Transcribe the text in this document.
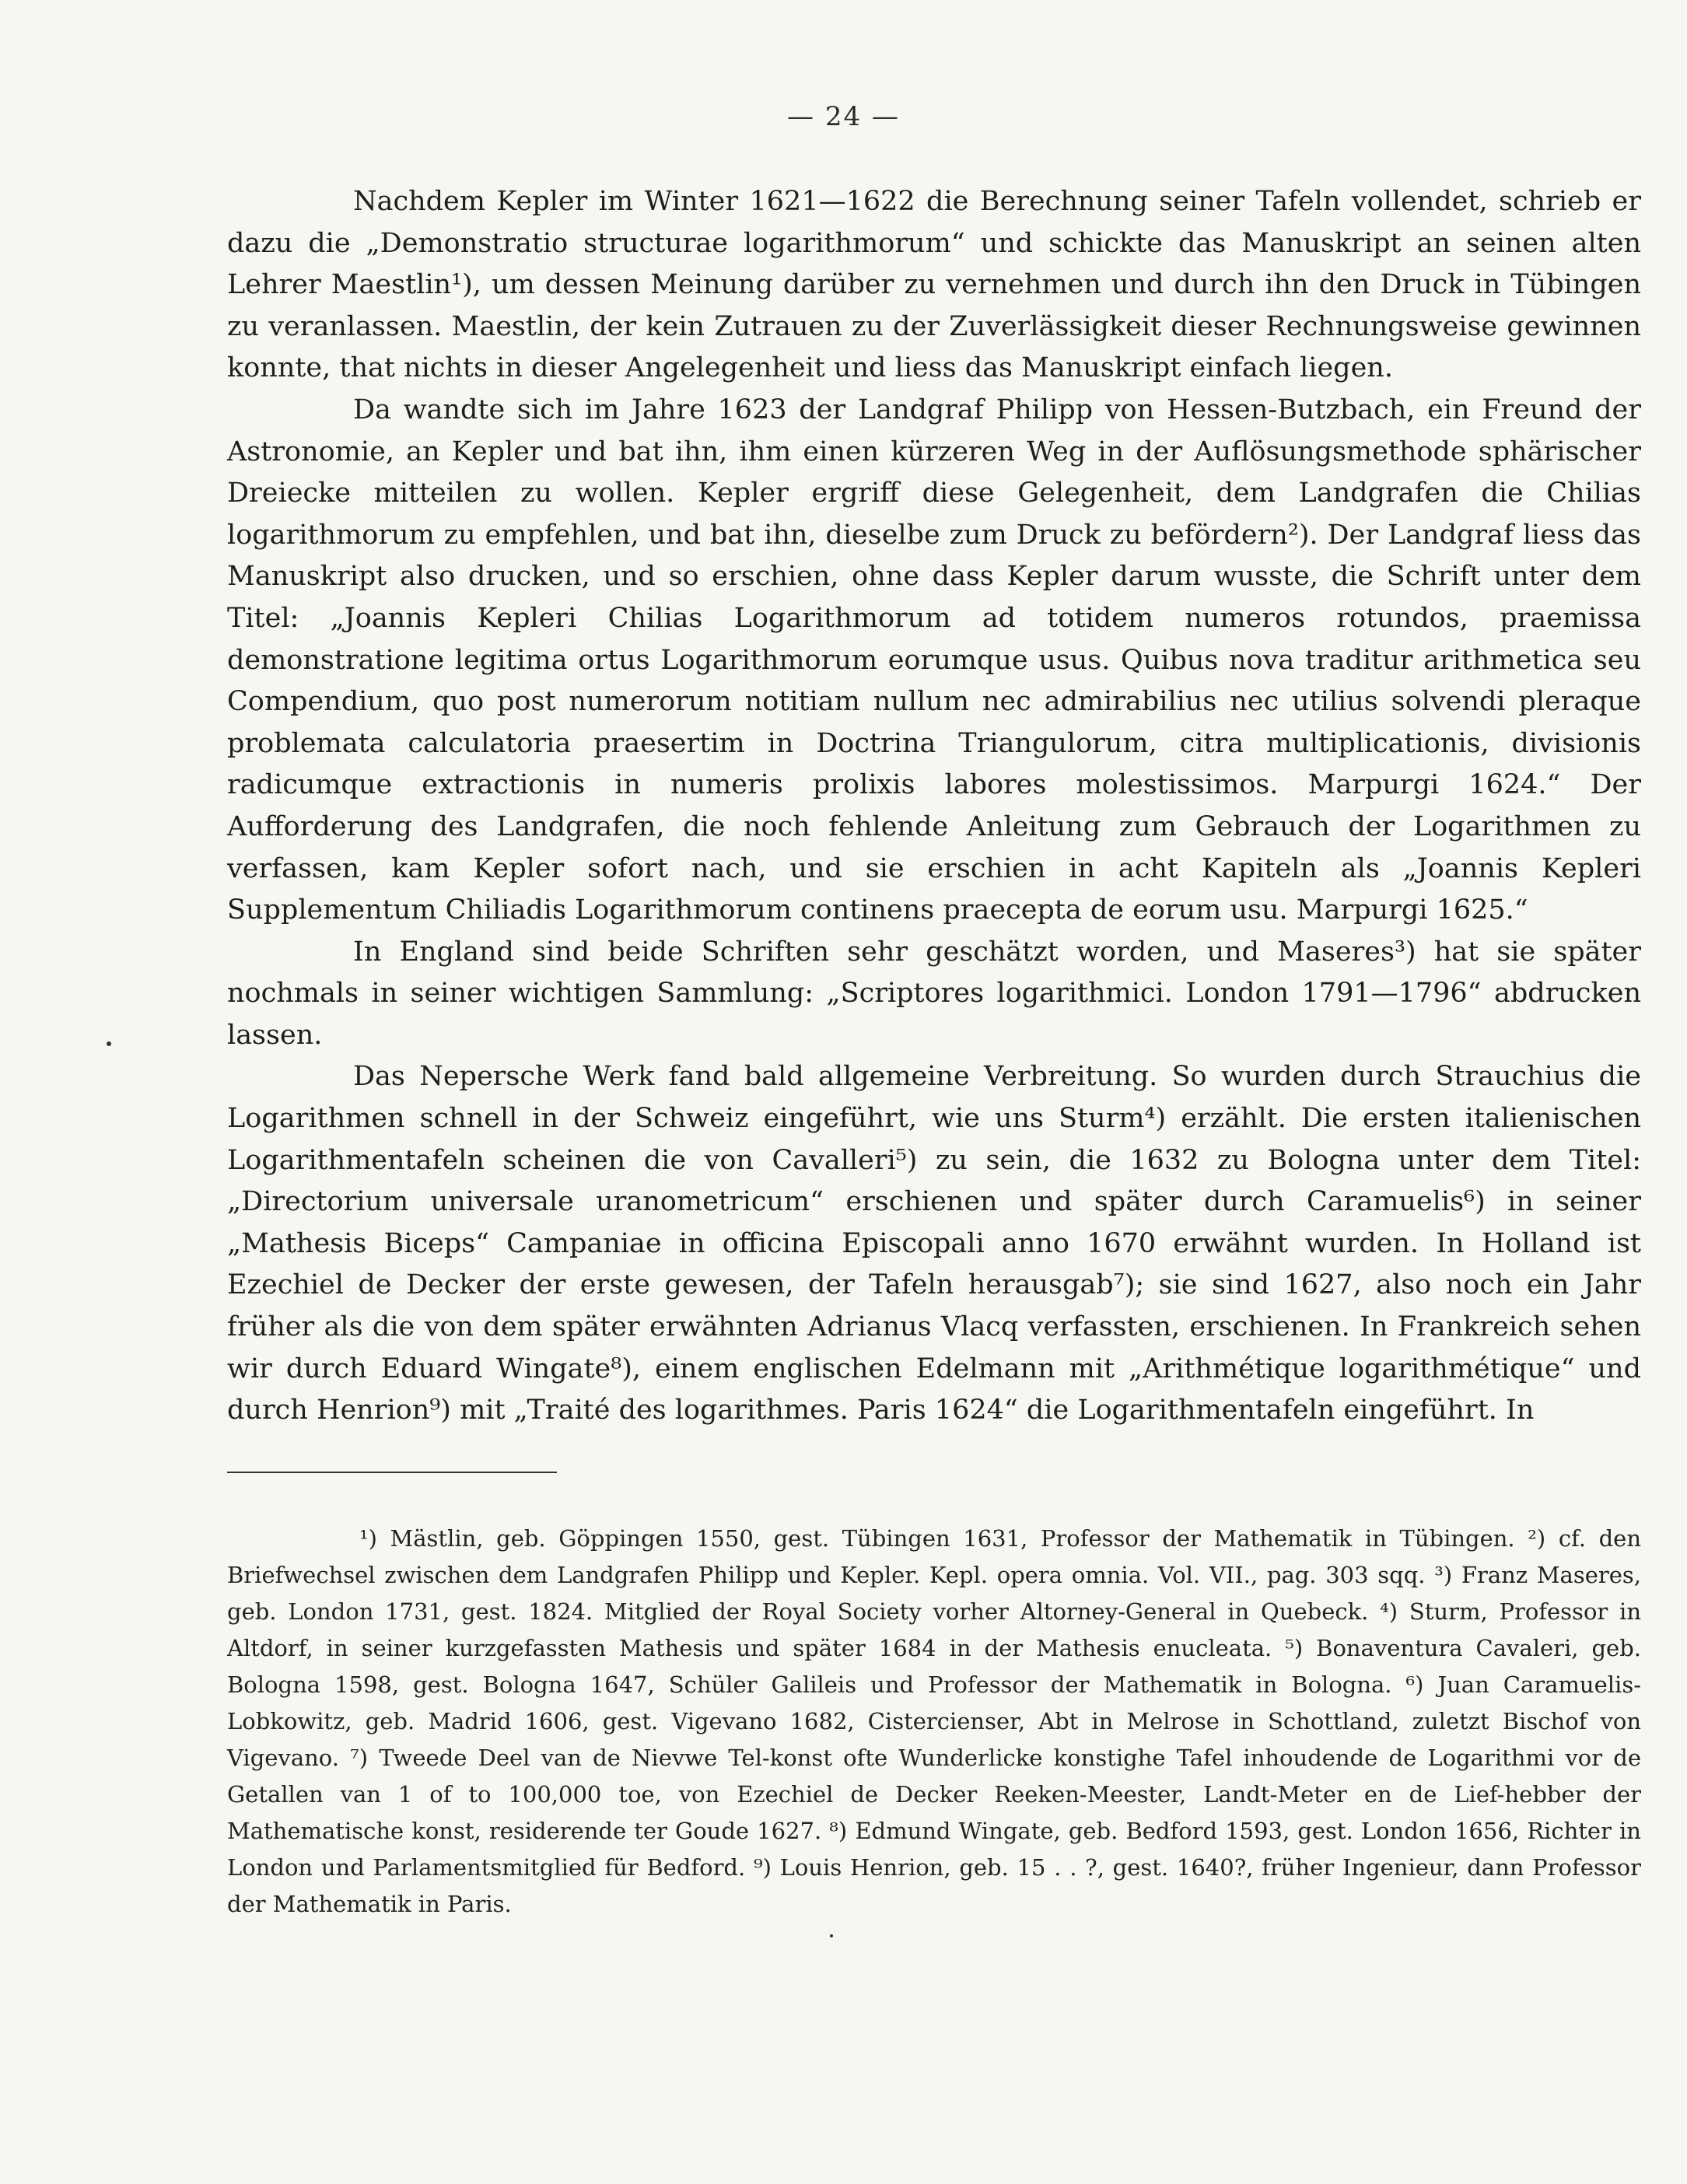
— 24 —

Nachdem Kepler im Winter 1621—1622 die Berechnung seiner Tafeln vollendet, schrieb er dazu die „Demonstratio structurae logarithmorum“ und schickte das Manuskript an seinen alten Lehrer Maestlin¹), um dessen Meinung darüber zu vernehmen und durch ihn den Druck in Tübingen zu veranlassen. Maestlin, der kein Zutrauen zu der Zuverlässigkeit dieser Rechnungsweise gewinnen konnte, that nichts in dieser Angelegenheit und liess das Manuskript einfach liegen.

Da wandte sich im Jahre 1623 der Landgraf Philipp von Hessen-Butzbach, ein Freund der Astronomie, an Kepler und bat ihn, ihm einen kürzeren Weg in der Auflösungsmethode sphärischer Dreiecke mitteilen zu wollen. Kepler ergriff diese Gelegenheit, dem Landgrafen die Chilias logarithmorum zu empfehlen, und bat ihn, dieselbe zum Druck zu befördern²). Der Landgraf liess das Manuskript also drucken, und so erschien, ohne dass Kepler darum wusste, die Schrift unter dem Titel: „Joannis Kepleri Chilias Logarithmorum ad totidem numeros rotundos, praemissa demonstratione legitima ortus Logarithmorum eorumque usus. Quibus nova traditur arithmetica seu Compendium, quo post numerorum notitiam nullum nec admirabilius nec utilius solvendi pleraque problemata calculatoria praesertim in Doctrina Triangulorum, citra multiplicationis, divisionis radicumque extractionis in numeris prolixis labores molestissimos. Marpurgi 1624.“ Der Aufforderung des Landgrafen, die noch fehlende Anleitung zum Gebrauch der Logarithmen zu verfassen, kam Kepler sofort nach, und sie erschien in acht Kapiteln als „Joannis Kepleri Supplementum Chiliadis Logarithmorum continens praecepta de eorum usu. Marpurgi 1625.“

In England sind beide Schriften sehr geschätzt worden, und Maseres³) hat sie später nochmals in seiner wichtigen Sammlung: „Scriptores logarithmici. London 1791—1796“ abdrucken lassen.

Das Nepersche Werk fand bald allgemeine Verbreitung. So wurden durch Strauchius die Logarithmen schnell in der Schweiz eingeführt, wie uns Sturm⁴) erzählt. Die ersten italienischen Logarithmentafeln scheinen die von Cavalleri⁵) zu sein, die 1632 zu Bologna unter dem Titel: „Directorium universale uranometricum“ erschienen und später durch Caramuelis⁶) in seiner „Mathesis Biceps“ Campaniae in officina Episcopali anno 1670 erwähnt wurden. In Holland ist Ezechiel de Decker der erste gewesen, der Tafeln herausgab⁷); sie sind 1627, also noch ein Jahr früher als die von dem später erwähnten Adrianus Vlacq verfassten, erschienen. In Frankreich sehen wir durch Eduard Wingate⁸), einem englischen Edelmann mit „Arithmétique logarithmétique“ und durch Henrion⁹) mit „Traité des logarithmes. Paris 1624“ die Logarithmentafeln eingeführt. In

¹) Mästlin, geb. Göppingen 1550, gest. Tübingen 1631, Professor der Mathematik in Tübingen. ²) cf. den Briefwechsel zwischen dem Landgrafen Philipp und Kepler. Kepl. opera omnia. Vol. VII., pag. 303 sqq. ³) Franz Maseres, geb. London 1731, gest. 1824. Mitglied der Royal Society vorher Altorney-General in Quebeck. ⁴) Sturm, Professor in Altdorf, in seiner kurzgefassten Mathesis und später 1684 in der Mathesis enucleata. ⁵) Bonaventura Cavaleri, geb. Bologna 1598, gest. Bologna 1647, Schüler Galileis und Professor der Mathematik in Bologna. ⁶) Juan Caramuelis-Lobkowitz, geb. Madrid 1606, gest. Vigevano 1682, Cistercienser, Abt in Melrose in Schottland, zuletzt Bischof von Vigevano. ⁷) Tweede Deel van de Nievwe Tel-konst ofte Wunderlicke konstighe Tafel inhoudende de Logarithmi vor de Getallen van 1 of to 100,000 toe, von Ezechiel de Decker Reeken-Meester, Landt-Meter en de Lief-hebber der Mathematische konst, residerende ter Goude 1627. ⁸) Edmund Wingate, geb. Bedford 1593, gest. London 1656, Richter in London und Parlamentsmitglied für Bedford. ⁹) Louis Henrion, geb. 15 . . ?, gest. 1640?, früher Ingenieur, dann Professor der Mathematik in Paris.
